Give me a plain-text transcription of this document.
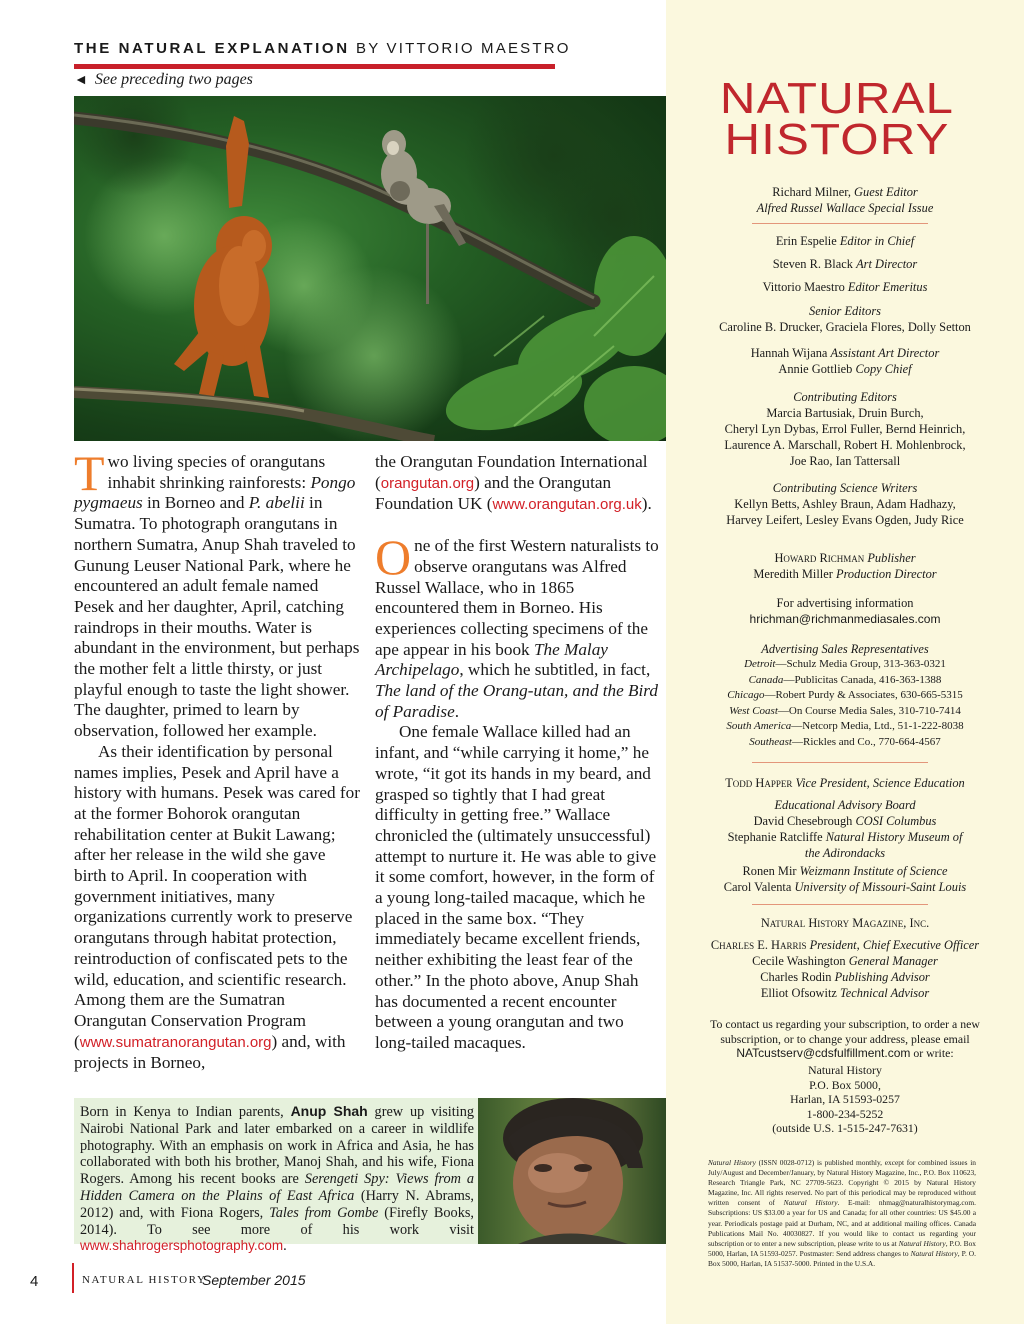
THE NATURAL EXPLANATION BY VITTORIO MAESTRO
◄ See preceding two pages

Two living species of orangutans inhabit shrinking rainforests: Pongo pygmaeus in Borneo and P. abelii in Sumatra. To photograph orangutans in northern Sumatra, Anup Shah traveled to Gunung Leuser National Park, where he encountered an adult female named Pesek and her daughter, April, catching raindrops in their mouths. Water is abundant in the environment, but perhaps the mother felt a little thirsty, or just playful enough to taste the light shower. The daughter, primed to learn by observation, followed her example.

As their identification by personal names implies, Pesek and April have a history with humans. Pesek was cared for at the former Bohorok orangutan rehabilitation center at Bukit Lawang; after her release in the wild she gave birth to April. In cooperation with government initiatives, many organizations currently work to preserve orangutans through habitat protection, reintroduction of confiscated pets to the wild, education, and scientific research. Among them are the Sumatran Orangutan Conservation Program (www.sumatranorangutan.org) and, with projects in Borneo,

the Orangutan Foundation International (orangutan.org) and the Orangutan Foundation UK (www.orangutan.org.uk).

One of the first Western naturalists to observe orangutans was Alfred Russel Wallace, who in 1865 encountered them in Borneo. His experiences collecting specimens of the ape appear in his book The Malay Archipelago, which he subtitled, in fact, The land of the Orang-utan, and the Bird of Paradise.

One female Wallace killed had an infant, and “while carrying it home,” he wrote, “it got its hands in my beard, and grasped so tightly that I had great difficulty in getting free.” Wallace chronicled the (ultimately unsuccessful) attempt to nurture it. He was able to give it some comfort, however, in the form of a young long-tailed macaque, which he placed in the same box. “They immediately became excellent friends, neither exhibiting the least fear of the other.” In the photo above, Anup Shah has documented a recent encounter between a young orangutan and two long-tailed macaques.

Born in Kenya to Indian parents, Anup Shah grew up visiting Nairobi National Park and later embarked on a career in wildlife photography. With an emphasis on work in Africa and Asia, he has collaborated with both his brother, Manoj Shah, and his wife, Fiona Rogers. Among his recent books are Serengeti Spy: Views from a Hidden Camera on the Plains of East Africa (Harry N. Abrams, 2012) and, with Fiona Rogers, Tales from Gombe (Firefly Books, 2014). To see more of his work visit www.shahrogersphotography.com.
4	NATURAL HISTORY
September 2015
NATURAL
HISTORY
Richard Milner, Guest Editor
Alfred Russel Wallace Special Issue
Erin Espelie Editor in Chief
Steven R. Black Art Director
Vittorio Maestro Editor Emeritus
Senior Editors
Caroline B. Drucker, Graciela Flores, Dolly Setton
Hannah Wijana Assistant Art Director
Annie Gottlieb Copy Chief
Contributing Editors
Marcia Bartusiak, Druin Burch,
Cheryl Lyn Dybas, Errol Fuller, Bernd Heinrich,
Laurence A. Marschall, Robert H. Mohlenbrock,
Joe Rao, Ian Tattersall
Contributing Science Writers
Kellyn Betts, Ashley Braun, Adam Hadhazy,
Harvey Leifert, Lesley Evans Ogden, Judy Rice
Howard Richman Publisher
Meredith Miller Production Director
For advertising information
hrichman@richmanmediasales.com
Advertising Sales Representatives
Detroit—Schulz Media Group, 313-363-0321
Canada—Publicitas Canada, 416-363-1388
Chicago—Robert Purdy & Associates, 630-665-5315
West Coast—On Course Media Sales, 310-710-7414
South America—Netcorp Media, Ltd., 51-1-222-8038
Southeast—Rickles and Co., 770-664-4567
Todd Happer Vice President, Science Education
Educational Advisory Board
David Chesebrough COSI Columbus
Stephanie Ratcliffe Natural History Museum of the Adirondacks
Ronen Mir Weizmann Institute of Science
Carol Valenta University of Missouri-Saint Louis
Natural History Magazine, Inc.
Charles E. Harris President, Chief Executive Officer
Cecile Washington General Manager
Charles Rodin Publishing Advisor
Elliot Ofsowitz Technical Advisor
To contact us regarding your subscription, to order a new subscription, or to change your address, please email NATcustserv@cdsfulfillment.com or write:
Natural History
P.O. Box 5000,
Harlan, IA 51593-0257
1-800-234-5252
(outside U.S. 1-515-247-7631)
Natural History (ISSN 0028-0712) is published monthly, except for combined issues in July/August and December/January, by Natural History Magazine, Inc., P.O. Box 110623, Research Triangle Park, NC 27709-5623. Copyright © 2015 by Natural History Magazine, Inc. All rights reserved. No part of this periodical may be reproduced without written consent of Natural History. E-mail: nhmag@naturalhistorymag.com. Subscriptions: US $33.00 a year for US and Canada; for all other countries: US $45.00 a year. Periodicals postage paid at Durham, NC, and at additional mailing offices. Canada Publications Mail No. 40030827. If you would like to contact us regarding your subscription or to enter a new subscription, please write to us at Natural History, P.O. Box 5000, Harlan, IA 51593-0257. Postmaster: Send address changes to Natural History, P. O. Box 5000, Harlan, IA 51537-5000. Printed in the U.S.A.
